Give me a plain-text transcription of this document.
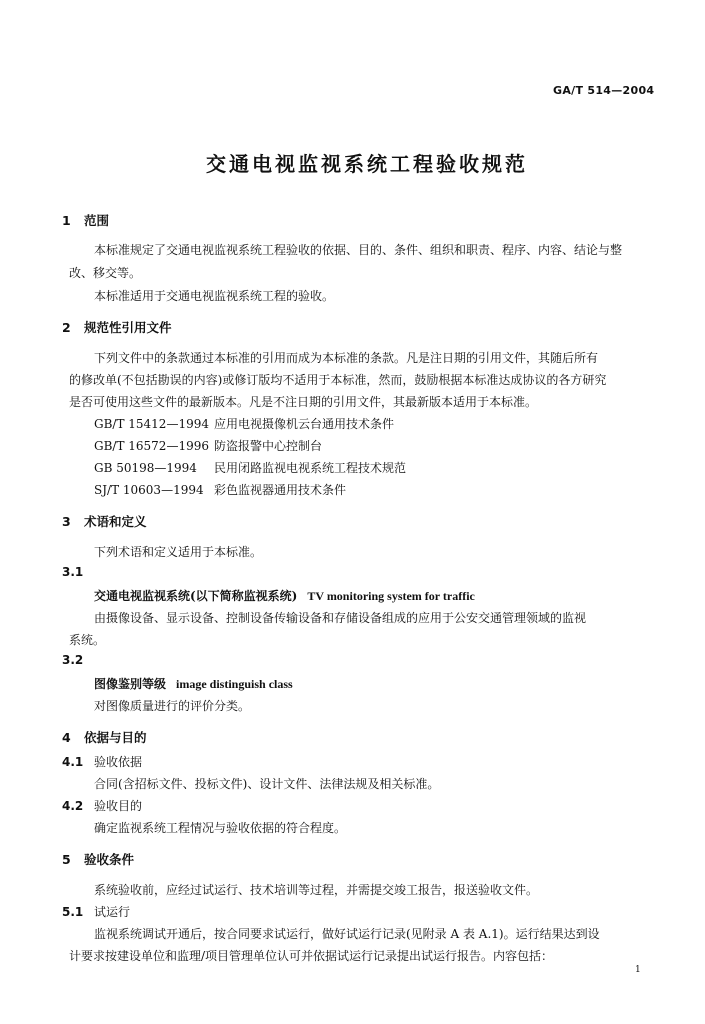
GA/T 514—2004
交通电视监视系统工程验收规范
1 范围
本标准规定了交通电视监视系统工程验收的依据、目的、条件、组织和职责、程序、内容、结论与整
改、移交等。
本标准适用于交通电视监视系统工程的验收。
2 规范性引用文件
下列文件中的条款通过本标准的引用而成为本标准的条款。凡是注日期的引用文件，其随后所有
的修改单(不包括勘误的内容)或修订版均不适用于本标准，然而，鼓励根据本标准达成协议的各方研究
是否可使用这些文件的最新版本。凡是不注日期的引用文件，其最新版本适用于本标准。
GB/T 15412—1994 应用电视摄像机云台通用技术条件
GB/T 16572—1996 防盗报警中心控制台
GB 50198—1994 民用闭路监视电视系统工程技术规范
SJ/T 10603—1994 彩色监视器通用技术条件
3 术语和定义
下列术语和定义适用于本标准。
3.1
交通电视监视系统(以下简称监视系统) TV monitoring system for traffic
由摄像设备、显示设备、控制设备传输设备和存储设备组成的应用于公安交通管理领域的监视
系统。
3.2
图像鉴别等级 image distinguish class
对图像质量进行的评价分类。
4 依据与目的
4.1 验收依据
合同(含招标文件、投标文件)、设计文件、法律法规及相关标准。
4.2 验收目的
确定监视系统工程情况与验收依据的符合程度。
5 验收条件
系统验收前，应经过试运行、技术培训等过程，并需提交竣工报告，报送验收文件。
5.1 试运行
监视系统调试开通后，按合同要求试运行，做好试运行记录(见附录 A 表 A.1)。运行结果达到设
计要求按建设单位和监理/项目管理单位认可并依据试运行记录提出试运行报告。内容包括：
1
